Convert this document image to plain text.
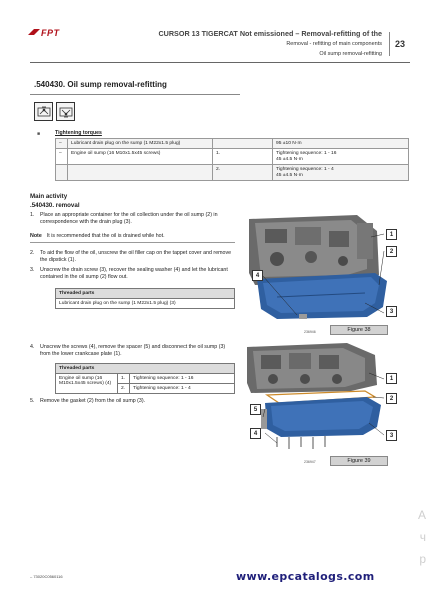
FPT	CURSOR 13 TIGERCAT Not emissioned – Removal-refitting of the
Removal - refitting of main components
Oil sump removal-refitting
23
.540430. Oil sump removal-refitting
■	Tightening torques
–	Lubricant drain plug on the sump (1 M22x1.5 plug)		95 ±10 N·m
–	Engine oil sump (16 M10x1.5x45 screws)	1.	Tightening sequence: 1 - 16
45 ±4.5 N·m

		2.	Tightening sequence: 1 - 4
45 ±4.5 N·m
Main activity
.540430. removal
1. Place an appropriate container for the oil collection under the oil sump (2) in correspondence with the drain plug (3).
Note It is recommended that the oil is drained while hot.
2. To aid the flow of the oil, unscrew the oil filler cap on the tappet cover and remove the dipstick (1).
3. Unscrew the drain screw (3), recover the sealing washer (4) and let the lubricant contained in the oil sump (2) flow out.
Threaded parts
Lubricant drain plug on the sump (1 M22x1.5 plug) (3)
4. Unscrew the screws (4), remove the spacer (5) and disconnect the oil sump (3) from the lower crankcase plate (1).
Threaded parts		
Engine oil sump (16 M10x1.5x45 screws) (4)	1.	Tightening sequence: 1 - 16
	2.	Tightening sequence: 1 - 4
5. Remove the gasket (2) from the oil sump (3).
1
2
3
4
236946	Figure 38
1
2
3
4
5
236947	Figure 39
A
ч
р
– 73020C0560116	www.epcatalogs.com
